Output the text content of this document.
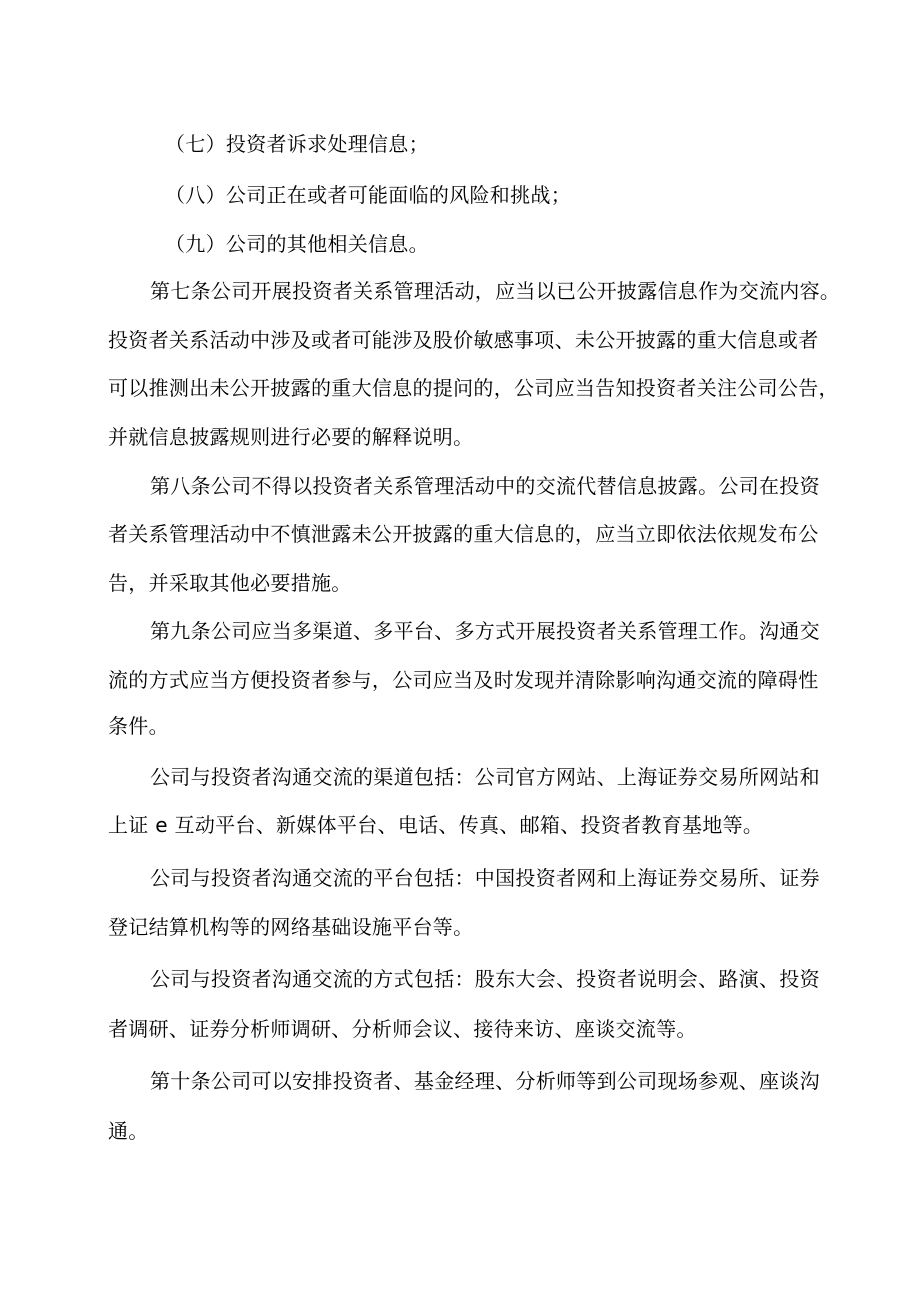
（七）投资者诉求处理信息；
（八）公司正在或者可能面临的风险和挑战；
（九）公司的其他相关信息。
第七条公司开展投资者关系管理活动，应当以已公开披露信息作为交流内容。
投资者关系活动中涉及或者可能涉及股价敏感事项、未公开披露的重大信息或者
可以推测出未公开披露的重大信息的提问的，公司应当告知投资者关注公司公告，
并就信息披露规则进行必要的解释说明。
第八条公司不得以投资者关系管理活动中的交流代替信息披露。公司在投资
者关系管理活动中不慎泄露未公开披露的重大信息的，应当立即依法依规发布公
告，并采取其他必要措施。
第九条公司应当多渠道、多平台、多方式开展投资者关系管理工作。沟通交
流的方式应当方便投资者参与，公司应当及时发现并清除影响沟通交流的障碍性
条件。
公司与投资者沟通交流的渠道包括：公司官方网站、上海证券交易所网站和
上证 e 互动平台、新媒体平台、电话、传真、邮箱、投资者教育基地等。
公司与投资者沟通交流的平台包括：中国投资者网和上海证券交易所、证券
登记结算机构等的网络基础设施平台等。
公司与投资者沟通交流的方式包括：股东大会、投资者说明会、路演、投资
者调研、证券分析师调研、分析师会议、接待来访、座谈交流等。
第十条公司可以安排投资者、基金经理、分析师等到公司现场参观、座谈沟
通。
